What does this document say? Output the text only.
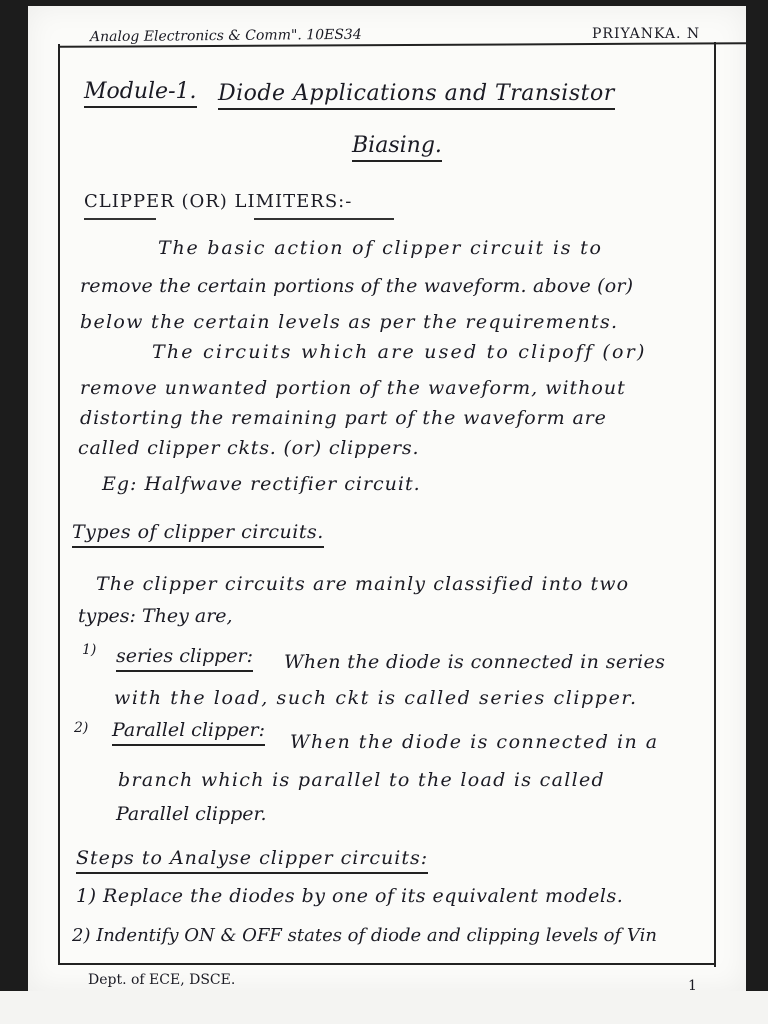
Analog Electronics & Comm". 10ES34	PRIYANKA. N
Module-1. Diode Applications and Transistor
Biasing.
CLIPPER (OR) LIMITERS:-
The basic action of clipper circuit is to
remove the certain portions of the waveform. above (or)
below the certain levels as per the requirements.
The circuits which are used to clipoff (or)
remove unwanted portion of the waveform, without
distorting the remaining part of the waveform are
called clipper ckts. (or) clippers.
Eg: Halfwave rectifier circuit.
Types of clipper circuits.
The clipper circuits are mainly classified into two
types: They are,
1) series clipper: When the diode is connected in series
with the load, such ckt is called series clipper.
2) Parallel clipper:
When the diode is connected in a
branch which is parallel to the load is called
Parallel clipper.
Steps to Analyse clipper circuits:
1) Replace the diodes by one of its equivalent models.
2) Indentify ON & OFF states of diode and clipping levels of Vin
Dept. of ECE, DSCE.	1
